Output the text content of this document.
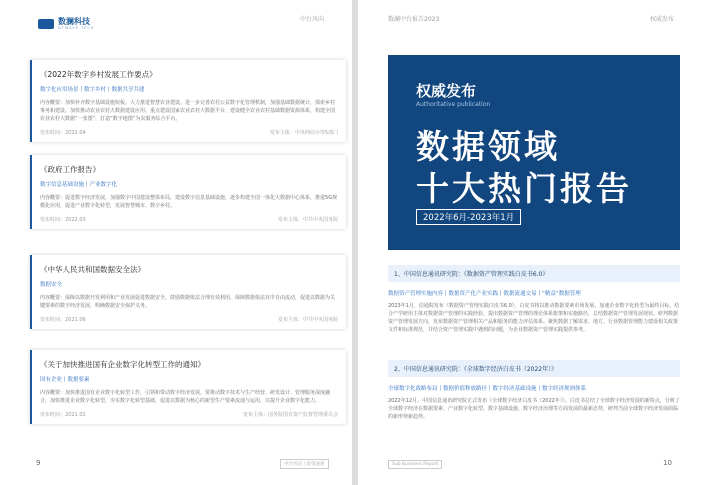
数澜科技
DTWAVE TECH
中台风向
《2022年数字乡村发展工作要点》
数字化应用场景丨数字乡村丨数据共享共建
内容概要：加快补齐数字基础设施短板。大力推进智慧农业建设。进一步完善农村公益数字化管理机制，加强基础数据统计，探索乡村事务和建设、加快推动农业农村大数据建设应用。重点建设国家农业农村大数据平台，建设健全农业农村基础数据资源体系，构建全国农业农村大数据“一张图”，打造“数字地图”为农服务综合平台。
发布时间：2022.04	发布主体：中央网信办等5部门
《政府工作报告》
数字信息基础设施丨产业数字化
内容概要：促进数字经济发展，加强数字中国建设整体布局，建设数字信息基础设施，逐步构建全国一体化大数据中心体系，推进5G规模化应用，促进产业数字化转型，发展智慧城市、数字乡村。
发布时间：2022.03	发布主体：中共中央国务院
《中华人民共和国数据安全法》
数据安全
内容概要：保障以数据开发利用和产业发展促进数据安全，鼓励数据依法合理有效利用，保障数据依法有序自由流动，促进以数据为关键要素的数字经济发展，明确数据安全保护义务。
发布时间：2021.06	发布主体：中共中央国务院
《关于加快推进国有企业数字化转型工作的通知》
国有企业丨数据要素
内容概要：加快推进国有企业数字化转型工作，引领和带动数字经济发展。要推动数字技术与生产经营、研发设计、管理服务深度融合，加快推进企业数字化转型，夯实数字化转型基础，促进以数据为核心的新型生产要素流通与运用，以提升企业数字化能力。
发布时间：2021.02	发布主体：国务院国有资产监督管理委员会
9	中台风向丨政策速递
数澜中台报告2023	权威发布
权威发布
Authoritative publication
数据领域
十大热门报告
2022年6月-2023年1月
1、中国信息通讯研究院：《数据资产管理实践白皮书6.0》
数据资产管理实施内容丨数据资产化产业实践丨数据流通交易丨“精益”数据管理
2023年1月，信通院发布《数据资产管理实践白皮书6.0》，白皮书将以推动数据要素市场发展、加速企业数字化转型为最终目标，结合产学研用主体对数据资产管理的实践经验，提出数据资产管理的理论体系框架和实施路径，总结数据资产管理发展现状、研判数据资产管理发展方向，发布数据资产管理相关产品和服务的能力评估体系。聚焦数据了解需求、地方、行业数据管理能力建设相关政策文件和标准规范，并结合资产管理实践中遇到的问题，为企业数据资产管理实践提供参考。
2、中国信息通讯研究院：《全球数字经济白皮书（2022年）》
全球数字化战略布局丨数据价值释放路径丨数字经济基础设施丨数字经济规则体系
2022年12月，中国信息通讯研究院正式发布《全球数字经济白皮书（2022年）》。白皮书总结了全球数字经济发展的新特点，分析了全球数字经济在数据要素、产业数字化转型、数字基础设施、数字经济治理等方面发展的最新态势，研判当前全球数字经济发展面临的新形势新趋势。
Sub Business Report	10
